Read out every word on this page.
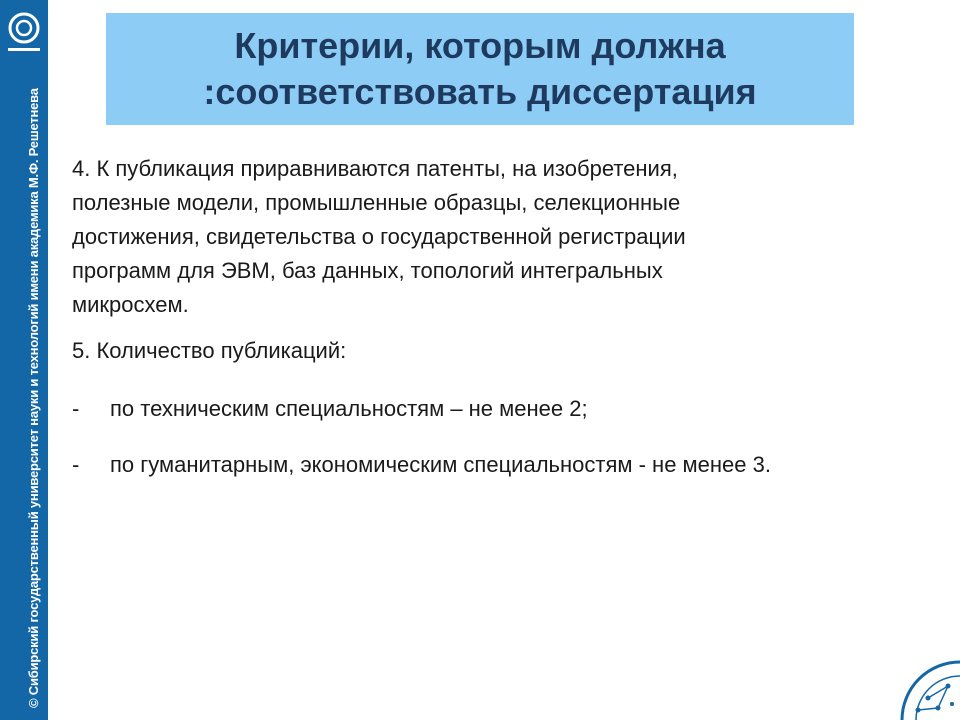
© Сибирский государственный университет науки и технологий имени академика М.Ф. Решетнева
Критерии, которым должна
:соответствовать диссертация

4. К публикация приравниваются патенты, на изобретения,

полезные модели, промышленные образцы, селекционные

достижения, свидетельства о государственной регистрации

программ для ЭВМ, баз данных, топологий интегральных

микросхем.

5. Количество публикаций:
-	по техническим специальностям – не менее 2;
-	по гуманитарным, экономическим специальностям - не менее 3.
